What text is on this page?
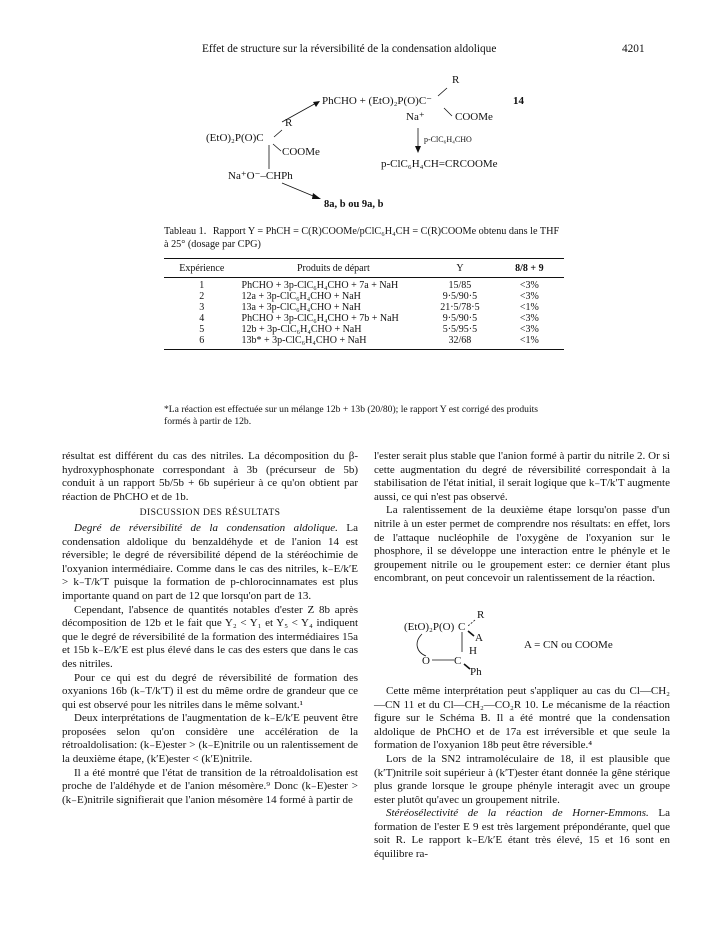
Effet de structure sur la réversibilité de la condensation aldolique	4201
R
PhCHO + (EtO)₂P(O)C⁻	14
Na⁺	COOMe
R
(EtO)₂P(O)C
COOMe
Na⁺O⁻–CHPh
8a, b ou 9a, b
p-ClC₆H₄CHO
p-ClC₆H₄CH=CRCOOMe
Tableau 1. Rapport Y = PhCH = C(R)COOMe/pClC₆H₄CH = C(R)COOMe obtenu dans le THF à 25° (dosage par CPG)
Expérience	Produits de départ	Y	8/8 + 9
1	PhCHO + 3p-ClC₆H₄CHO + 7a + NaH	15/85	<3%
2	12a + 3p-ClC₆H₄CHO + NaH	9·5/90·5	<3%
3	13a + 3p-ClC₆H₄CHO + NaH	21·5/78·5	<1%
4	PhCHO + 3p-ClC₆H₄CHO + 7b + NaH	9·5/90·5	<3%
5	12b + 3p-ClC₆H₄CHO + NaH	5·5/95·5	<3%
6	13b* + 3p-ClC₆H₄CHO + NaH	32/68	<1%
*La réaction est effectuée sur un mélange 12b + 13b (20/80); le rapport Y est corrigé des produits formés à partir de 12b.

résultat est différent du cas des nitriles. La décomposition du β-hydroxyphosphonate correspondant à 3b (précurseur de 5b) conduit à un rapport 5b/5b + 6b supérieur à ce qu'on obtient par réaction de PhCHO et de 1b.

DISCUSSION DES RÉSULTATS

Degré de réversibilité de la condensation aldolique. La condensation aldolique du benzaldéhyde et de l'anion 14 est réversible; le degré de réversibilité dépend de la stéréochimie de l'oxyanion intermédiaire. Comme dans le cas des nitriles, k₋E/k′E > k₋T/k′T puisque la formation de p-chlorocinnamates est plus importante quand on part de 12 que lorsqu'on part de 13.

Cependant, l'absence de quantités notables d'ester Z 8b après décomposition de 12b et le fait que Y₂ < Y₁ et Y₅ < Y₄ indiquent que le degré de réversibilité de la formation des intermédiaires 15a et 15b k₋E/k′E est plus élevé dans le cas des esters que dans le cas des nitriles.

Pour ce qui est du degré de réversibilité de formation des oxyanions 16b (k₋T/k′T) il est du même ordre de grandeur que ce qui est observé pour les nitriles dans le même solvant.¹

Deux interprétations de l'augmentation de k₋E/k′E peuvent être proposées selon qu'on considère une accélération de la rétroaldolisation: (k₋E)ester > (k₋E)nitrile ou un ralentissement de la deuxième étape, (k′E)ester < (k′E)nitrile.

Il a été montré que l'état de transition de la rétroaldolisation est proche de l'aldéhyde et de l'anion mésomère.⁹ Donc (k₋E)ester > (k₋E)nitrile signifierait que l'anion mésomère 14 formé à partir de

l'ester serait plus stable que l'anion formé à partir du nitrile 2. Or si cette augmentation du degré de réversibilité correspondait à la stabilisation de l'état initial, il serait logique que k₋T/k′T augmente aussi, ce qui n'est pas observé.

La ralentissement de la deuxième étape lorsqu'on passe d'un nitrile à un ester permet de comprendre nos résultats: en effet, lors de l'attaque nucléophile de l'oxygène de l'oxyanion sur le phosphore, il se développe une interaction entre le phényle et le groupement nitrile ou le groupement ester: ce dernier étant plus encombrant, on peut concevoir un ralentissement de la réaction.

R
(EtO)₂P(O) C
A
H
O C
Ph
A = CN ou COOMe

Cette même interprétation peut s'appliquer au cas du Cl—CH₂—CN 11 et du Cl—CH₂—CO₂R 10. Le mécanisme de la réaction figure sur le Schéma B. Il a été montré que la condensation aldolique de PhCHO et de 17a est irréversible et que seule la formation de l'oxyanion 18b peut être réversible.⁴

Lors de la SN2 intramoléculaire de 18, il est plausible que (k′T)nitrile soit supérieur à (k′T)ester étant donnée la gêne stérique plus grande lorsque le groupe phényle interagit avec un groupe ester plutôt qu'avec un groupement nitrile.

Stéréosélectivité de la réaction de Horner-Emmons. La formation de l'ester E 9 est très largement prépondérante, quel que soit R. Le rapport k₋E/k′E étant très élevé, 15 et 16 sont en équilibre ra-
